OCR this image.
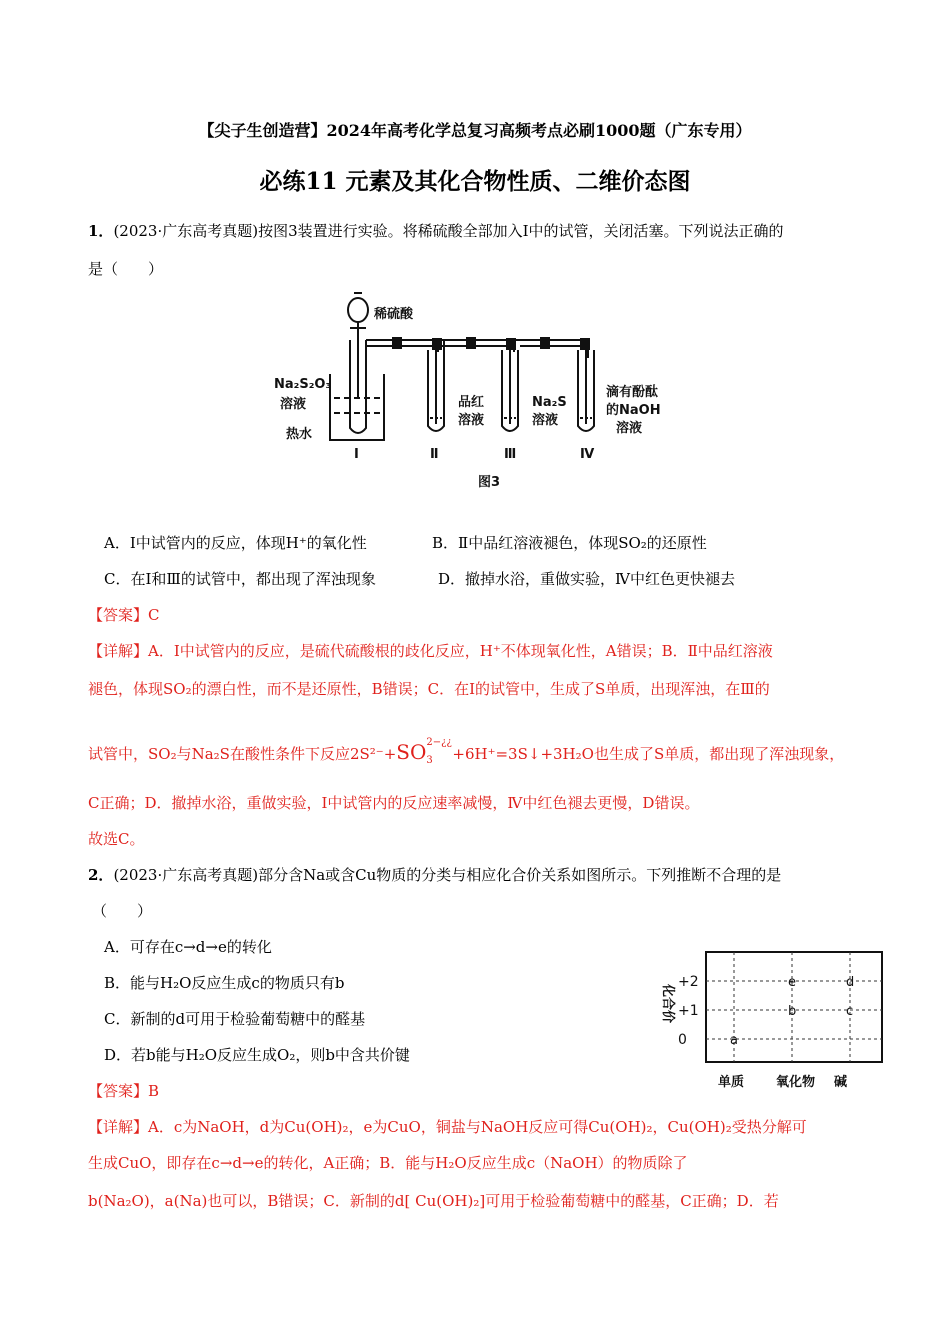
【尖子生创造营】2024年高考化学总复习高频考点必刷1000题（广东专用）
必练11 元素及其化合物性质、二维价态图
1．(2023·广东高考真题)按图3装置进行实验。将稀硫酸全部加入Ⅰ中的试管，关闭活塞。下列说法正确的
是（　　）
稀硫酸
Na₂S₂O₃
溶液
热水
品红
溶液
Na₂S
溶液
滴有酚酞
的NaOH
溶液
Ⅰ	Ⅱ	Ⅲ	Ⅳ
图3
A．Ⅰ中试管内的反应，体现H⁺的氧化性	B．Ⅱ中品红溶液褪色，体现SO₂的还原性
C．在Ⅰ和Ⅲ的试管中，都出现了浑浊现象	D．撤掉水浴，重做实验，Ⅳ中红色更快褪去
【答案】C
【详解】A．Ⅰ中试管内的反应，是硫代硫酸根的歧化反应，H⁺不体现氧化性，A错误；B．Ⅱ中品红溶液
褪色，体现SO₂的漂白性，而不是还原性，B错误；C．在Ⅰ的试管中，生成了S单质，出现浑浊，在Ⅲ的
试管中，SO₂与Na₂S在酸性条件下反应2S²⁻+SO 2−¿¿
3 +6H⁺=3S↓+3H₂O也生成了S单质，都出现了浑浊现象，
C正确；D．撤掉水浴，重做实验，Ⅰ中试管内的反应速率减慢，Ⅳ中红色褪去更慢，D错误。
故选C。
2．(2023·广东高考真题)部分含Na或含Cu物质的分类与相应化合价关系如图所示。下列推断不合理的是
（　　）
A．可存在c→d→e的转化
B．能与H₂O反应生成c的物质只有b
C．新制的d可用于检验葡萄糖中的醛基
D．若b能与H₂O反应生成O₂，则b中含共价键
化合价
+2
+1
0
单质 氧化物 碱
a
b	c
e	d
【答案】B
【详解】A．c为NaOH，d为Cu(OH)₂，e为CuO，铜盐与NaOH反应可得Cu(OH)₂，Cu(OH)₂受热分解可
生成CuO，即存在c→d→e的转化，A正确；B．能与H₂O反应生成c（NaOH）的物质除了
b(Na₂O)，a(Na)也可以，B错误；C．新制的d[ Cu(OH)₂]可用于检验葡萄糖中的醛基，C正确；D．若
